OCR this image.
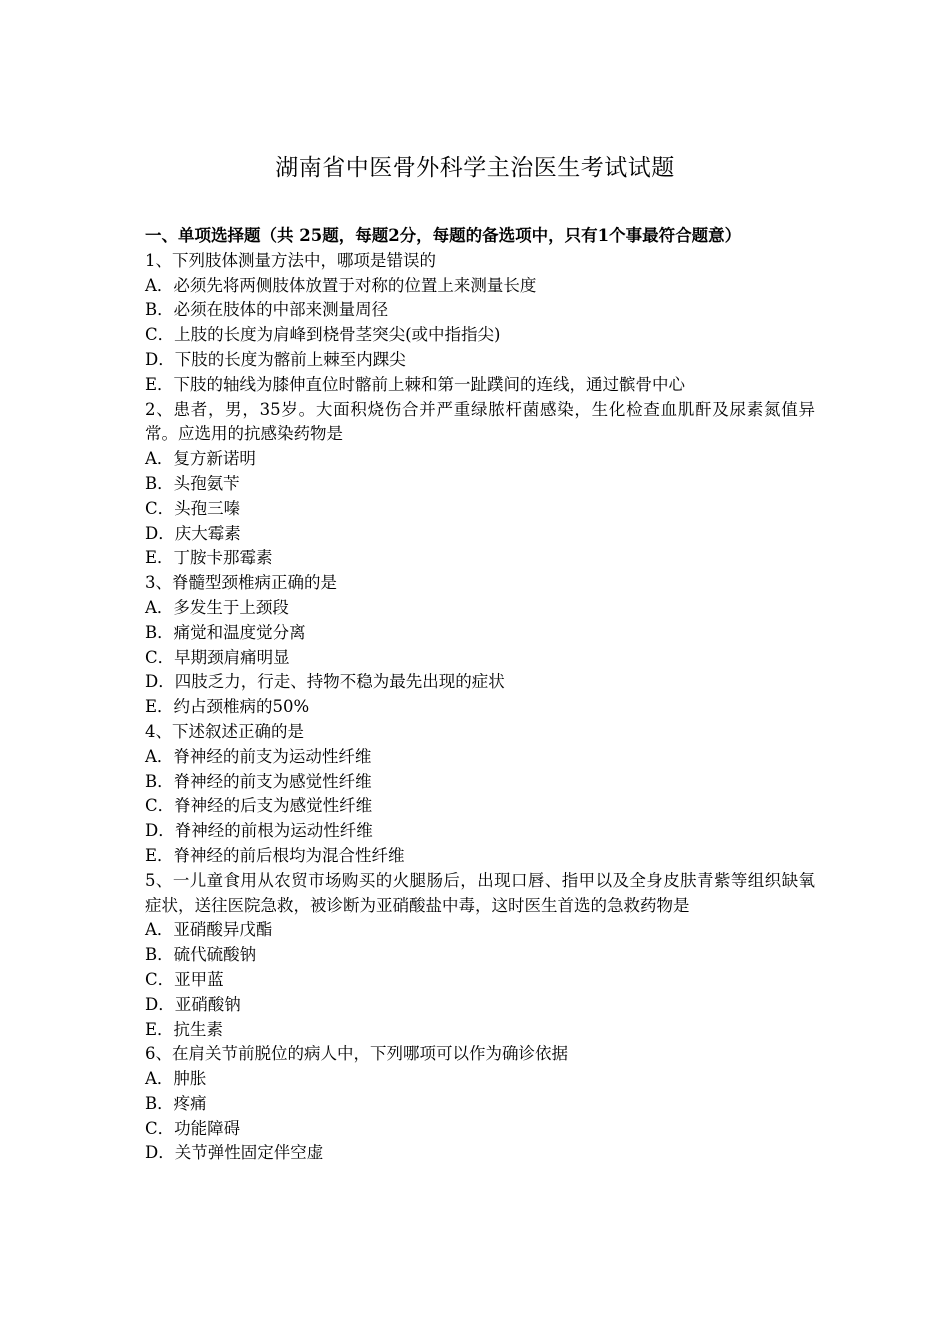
湖南省中医骨外科学主治医生考试试题

一、单项选择题（共 25题，每题2分，每题的备选项中，只有1个事最符合题意）

1、下列肢体测量方法中，哪项是错误的

A．必须先将两侧肢体放置于对称的位置上来测量长度

B．必须在肢体的中部来测量周径

C．上肢的长度为肩峰到桡骨茎突尖(或中指指尖)

D．下肢的长度为髂前上棘至内踝尖

E．下肢的轴线为膝伸直位时髂前上棘和第一趾蹼间的连线，通过髌骨中心

2、患者，男，35岁。大面积烧伤合并严重绿脓杆菌感染，生化检查血肌酐及尿素氮值异常。应选用的抗感染药物是

A．复方新诺明

B．头孢氨苄

C．头孢三嗪

D．庆大霉素

E．丁胺卡那霉素

3、脊髓型颈椎病正确的是

A．多发生于上颈段

B．痛觉和温度觉分离

C．早期颈肩痛明显

D．四肢乏力，行走、持物不稳为最先出现的症状

E．约占颈椎病的50%

4、下述叙述正确的是

A．脊神经的前支为运动性纤维

B．脊神经的前支为感觉性纤维

C．脊神经的后支为感觉性纤维

D．脊神经的前根为运动性纤维

E．脊神经的前后根均为混合性纤维

5、一儿童食用从农贸市场购买的火腿肠后，出现口唇、指甲以及全身皮肤青紫等组织缺氧症状，送往医院急救，被诊断为亚硝酸盐中毒，这时医生首选的急救药物是

A．亚硝酸异戊酯

B．硫代硫酸钠

C．亚甲蓝

D．亚硝酸钠

E．抗生素

6、在肩关节前脱位的病人中，下列哪项可以作为确诊依据

A．肿胀

B．疼痛

C．功能障碍

D．关节弹性固定伴空虚
